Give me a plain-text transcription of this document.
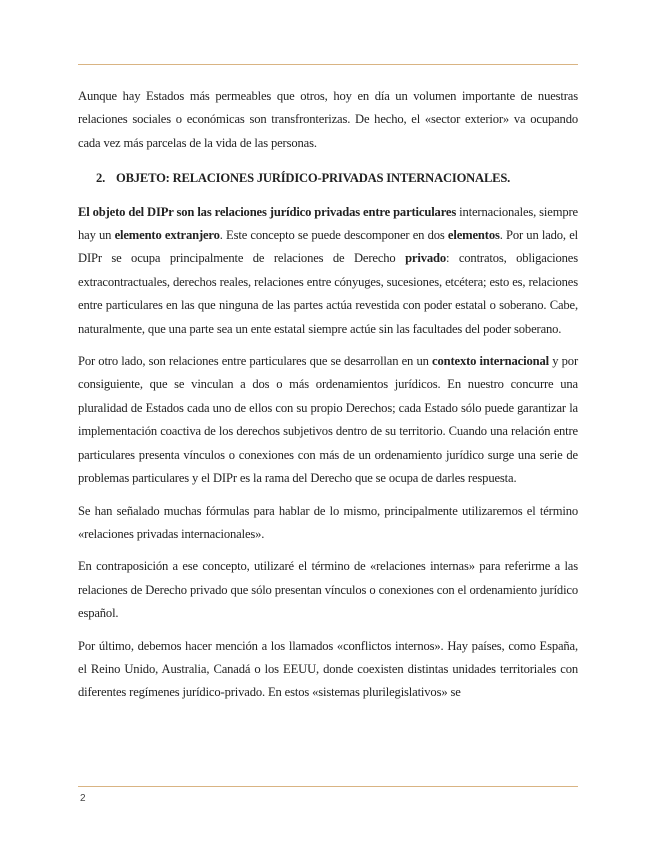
Aunque hay Estados más permeables que otros, hoy en día un volumen importante de nuestras relaciones sociales o económicas son transfronterizas. De hecho, el «sector exterior» va ocupando cada vez más parcelas de la vida de las personas.

2. OBJETO: RELACIONES JURÍDICO-PRIVADAS INTERNACIONALES.

El objeto del DIPr son las relaciones jurídico privadas entre particulares internacionales, siempre hay un elemento extranjero. Este concepto se puede descomponer en dos elementos. Por un lado, el DIPr se ocupa principalmente de relaciones de Derecho privado: contratos, obligaciones extracontractuales, derechos reales, relaciones entre cónyuges, sucesiones, etcétera; esto es, relaciones entre particulares en las que ninguna de las partes actúa revestida con poder estatal o soberano. Cabe, naturalmente, que una parte sea un ente estatal siempre actúe sin las facultades del poder soberano.

Por otro lado, son relaciones entre particulares que se desarrollan en un contexto internacional y por consiguiente, que se vinculan a dos o más ordenamientos jurídicos. En nuestro concurre una pluralidad de Estados cada uno de ellos con su propio Derechos; cada Estado sólo puede garantizar la implementación coactiva de los derechos subjetivos dentro de su territorio. Cuando una relación entre particulares presenta vínculos o conexiones con más de un ordenamiento jurídico surge una serie de problemas particulares y el DIPr es la rama del Derecho que se ocupa de darles respuesta.

Se han señalado muchas fórmulas para hablar de lo mismo, principalmente utilizaremos el término «relaciones privadas internacionales».

En contraposición a ese concepto, utilizaré el término de «relaciones internas» para referirme a las relaciones de Derecho privado que sólo presentan vínculos o conexiones con el ordenamiento jurídico español.

Por último, debemos hacer mención a los llamados «conflictos internos». Hay países, como España, el Reino Unido, Australia, Canadá o los EEUU, donde coexisten distintas unidades territoriales con diferentes regímenes jurídico-privado. En estos «sistemas plurilegislativos» se

2
